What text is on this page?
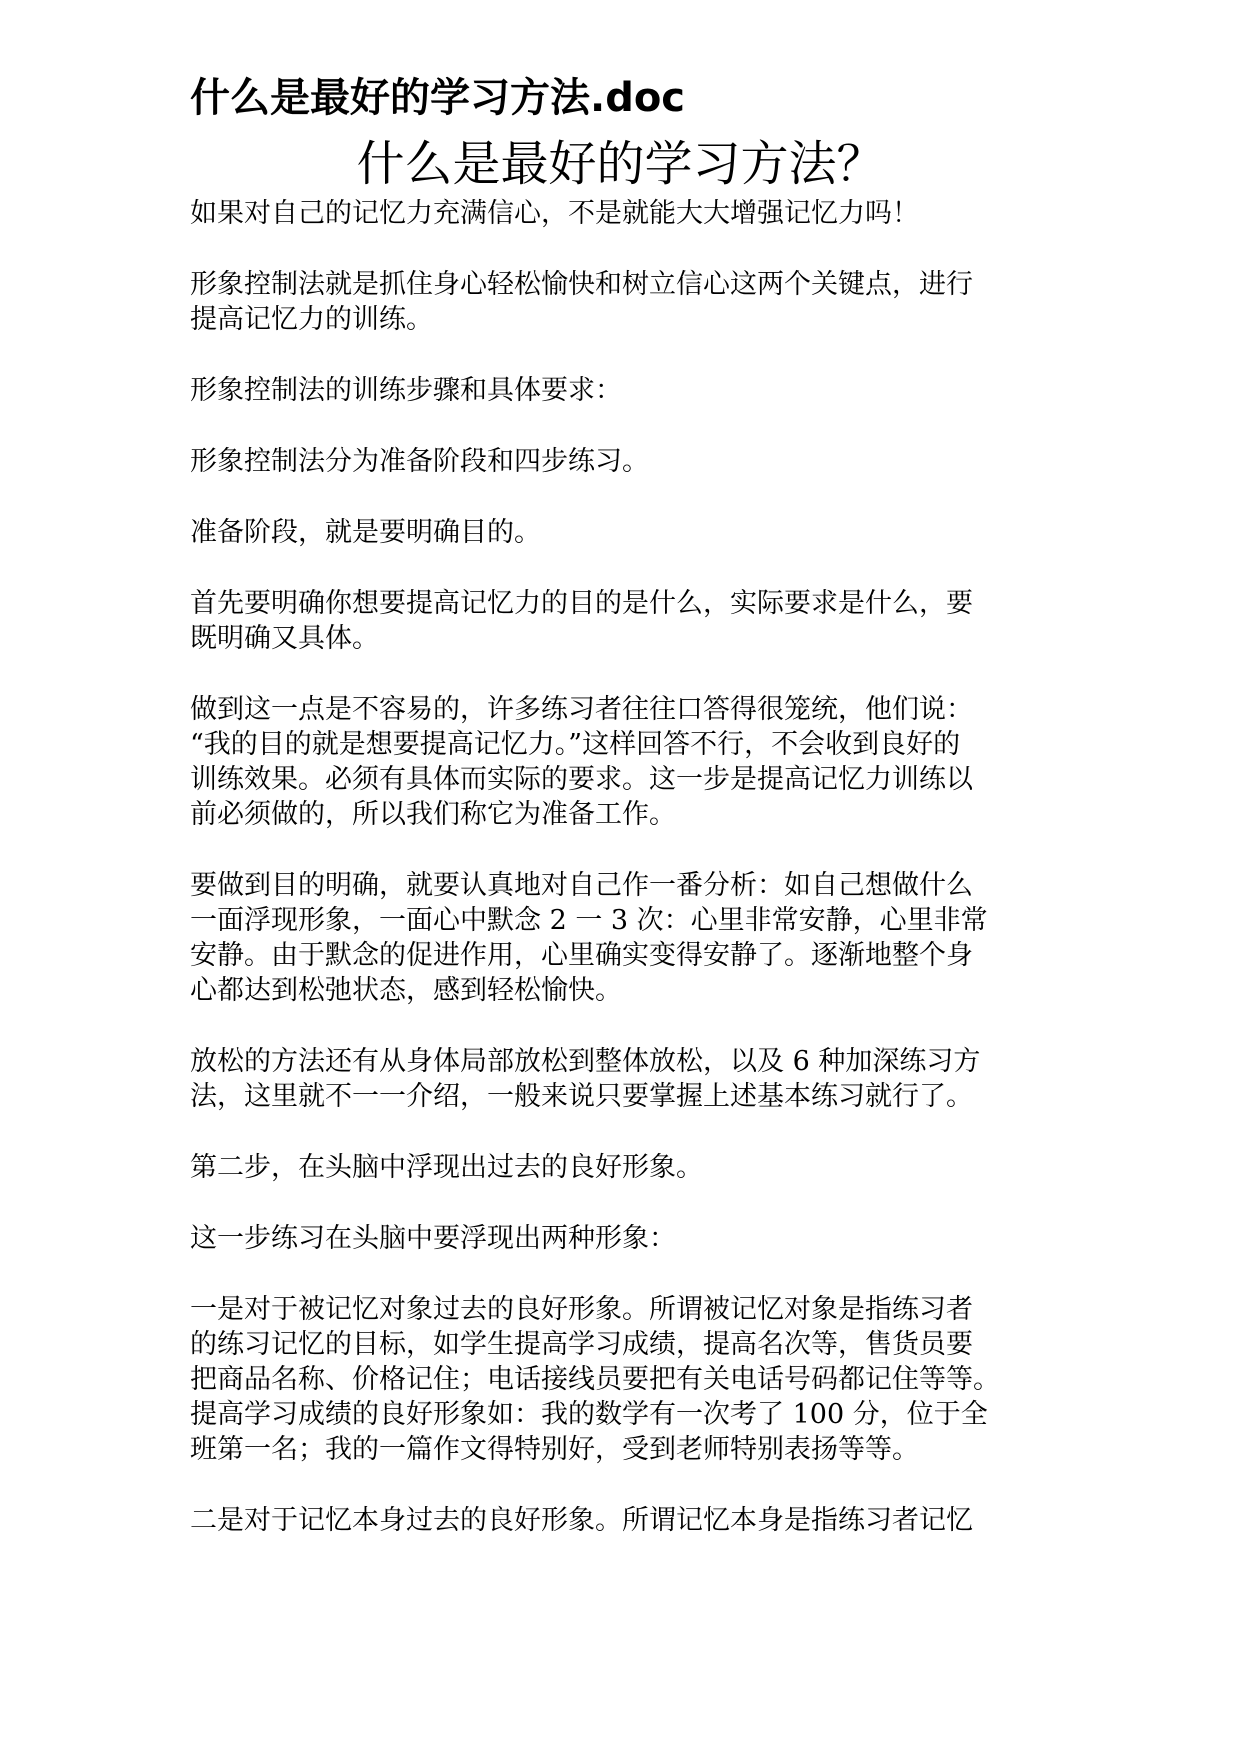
什么是最好的学习方法.doc
什么是最好的学习方法？
如果对自己的记忆力充满信心，不是就能大大增强记忆力吗！
形象控制法就是抓住身心轻松愉快和树立信心这两个关键点，进行
提高记忆力的训练。
形象控制法的训练步骤和具体要求：
形象控制法分为准备阶段和四步练习。
准备阶段，就是要明确目的。
首先要明确你想要提高记忆力的目的是什么，实际要求是什么，要
既明确又具体。
做到这一点是不容易的，许多练习者往往口答得很笼统，他们说：
“我的目的就是想要提高记忆力。”这样回答不行，不会收到良好的
训练效果。必须有具体而实际的要求。这一步是提高记忆力训练以
前必须做的，所以我们称它为准备工作。
要做到目的明确，就要认真地对自己作一番分析：如自己想做什么
一面浮现形象，一面心中默念 2 一 3 次：心里非常安静，心里非常
安静。由于默念的促进作用，心里确实变得安静了。逐渐地整个身
心都达到松弛状态，感到轻松愉快。
放松的方法还有从身体局部放松到整体放松，以及 6 种加深练习方
法，这里就不一一介绍，一般来说只要掌握上述基本练习就行了。
第二步，在头脑中浮现出过去的良好形象。
这一步练习在头脑中要浮现出两种形象：
一是对于被记忆对象过去的良好形象。所谓被记忆对象是指练习者
的练习记忆的目标，如学生提高学习成绩，提高名次等，售货员要
把商品名称、价格记住；电话接线员要把有关电话号码都记住等等。
提高学习成绩的良好形象如：我的数学有一次考了 100 分，位于全
班第一名；我的一篇作文得特别好，受到老师特别表扬等等。
二是对于记忆本身过去的良好形象。所谓记忆本身是指练习者记忆
